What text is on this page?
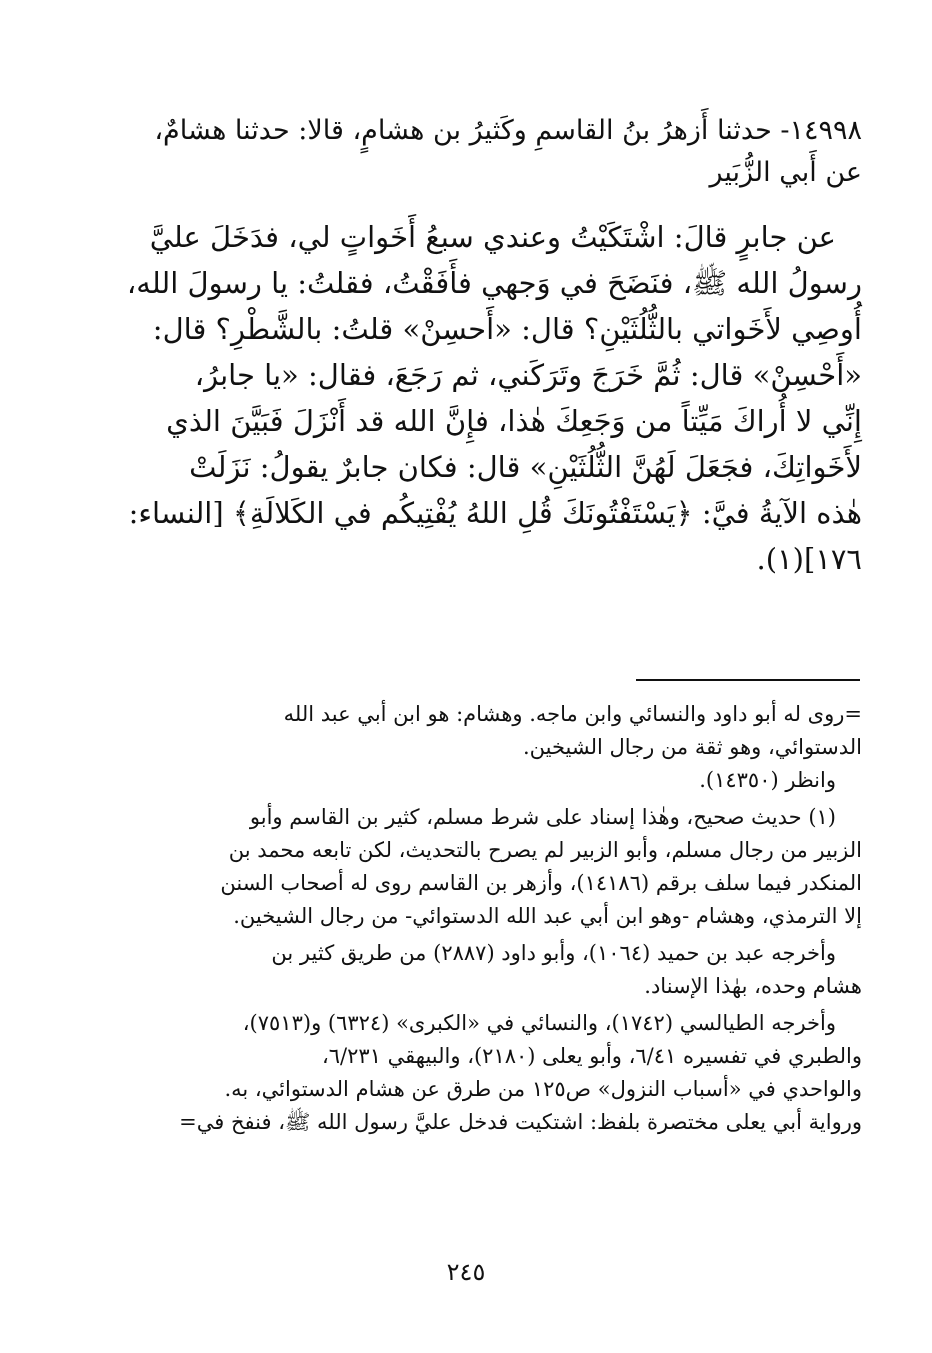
١٤٩٩٨- حدثنا أَزهرُ بنُ القاسمِ وكَثيرُ بن هشامٍ، قالا: حدثنا هشامٌ،

عن أَبي الزُّبَير

عن جابرٍ قالَ: اشْتَكَيْتُ وعندي سبعُ أَخَواتٍ لي، فدَخَلَ عليَّ

رسولُ الله ﷺ، فنَضَحَ في وَجهي فأَفَقْتُ، فقلتُ: يا رسولَ الله،

أُوصِي لأَخَواتي بالثُّلُثَيْنِ؟ قال: «أَحسِنْ» قلتُ: بالشَّطْرِ؟ قال:

«أَحْسِنْ» قال: ثُمَّ خَرَجَ وتَرَكَني، ثم رَجَعَ، فقال: «يا جابرُ،

إِنِّي لا أُراكَ مَيِّتاً من وَجَعِكَ هٰذا، فإِنَّ الله قد أَنْزَلَ فَبَيَّنَ الذي

لأَخَواتِكَ، فجَعَلَ لَهُنَّ الثُّلُثَيْنِ» قال: فكان جابرٌ يقولُ: نَزَلَتْ

هٰذه الآيةُ فيَّ: ﴿يَسْتَفْتُونَكَ قُلِ اللهُ يُفْتِيكُم في الكَلالَةِ﴾ [النساء:

١٧٦](١).

=روى له أبو داود والنسائي وابن ماجه. وهشام: هو ابن أبي عبد الله

الدستوائي، وهو ثقة من رجال الشيخين.

وانظر (١٤٣٥٠).

(١) حديث صحيح، وهٰذا إسناد على شرط مسلم، كثير بن القاسم وأبو

الزبير من رجال مسلم، وأبو الزبير لم يصرح بالتحديث، لكن تابعه محمد بن

المنكدر فيما سلف برقم (١٤١٨٦)، وأزهر بن القاسم روى له أصحاب السنن

إلا الترمذي، وهشام -وهو ابن أبي عبد الله الدستوائي- من رجال الشيخين.

وأخرجه عبد بن حميد (١٠٦٤)، وأبو داود (٢٨٨٧) من طريق كثير بن

هشام وحده، بهٰذا الإسناد.

وأخرجه الطيالسي (١٧٤٢)، والنسائي في «الكبرى» (٦٣٢٤) و(٧٥١٣)،

والطبري في تفسيره ٦/٤١، وأبو يعلى (٢١٨٠)، والبيهقي ٦/٢٣١،

والواحدي في «أسباب النزول» ص١٢٥ من طرق عن هشام الدستوائي، به.

ورواية أبي يعلى مختصرة بلفظ: اشتكيت فدخل عليَّ رسول الله ﷺ، فنفخ في=

٢٤٥
